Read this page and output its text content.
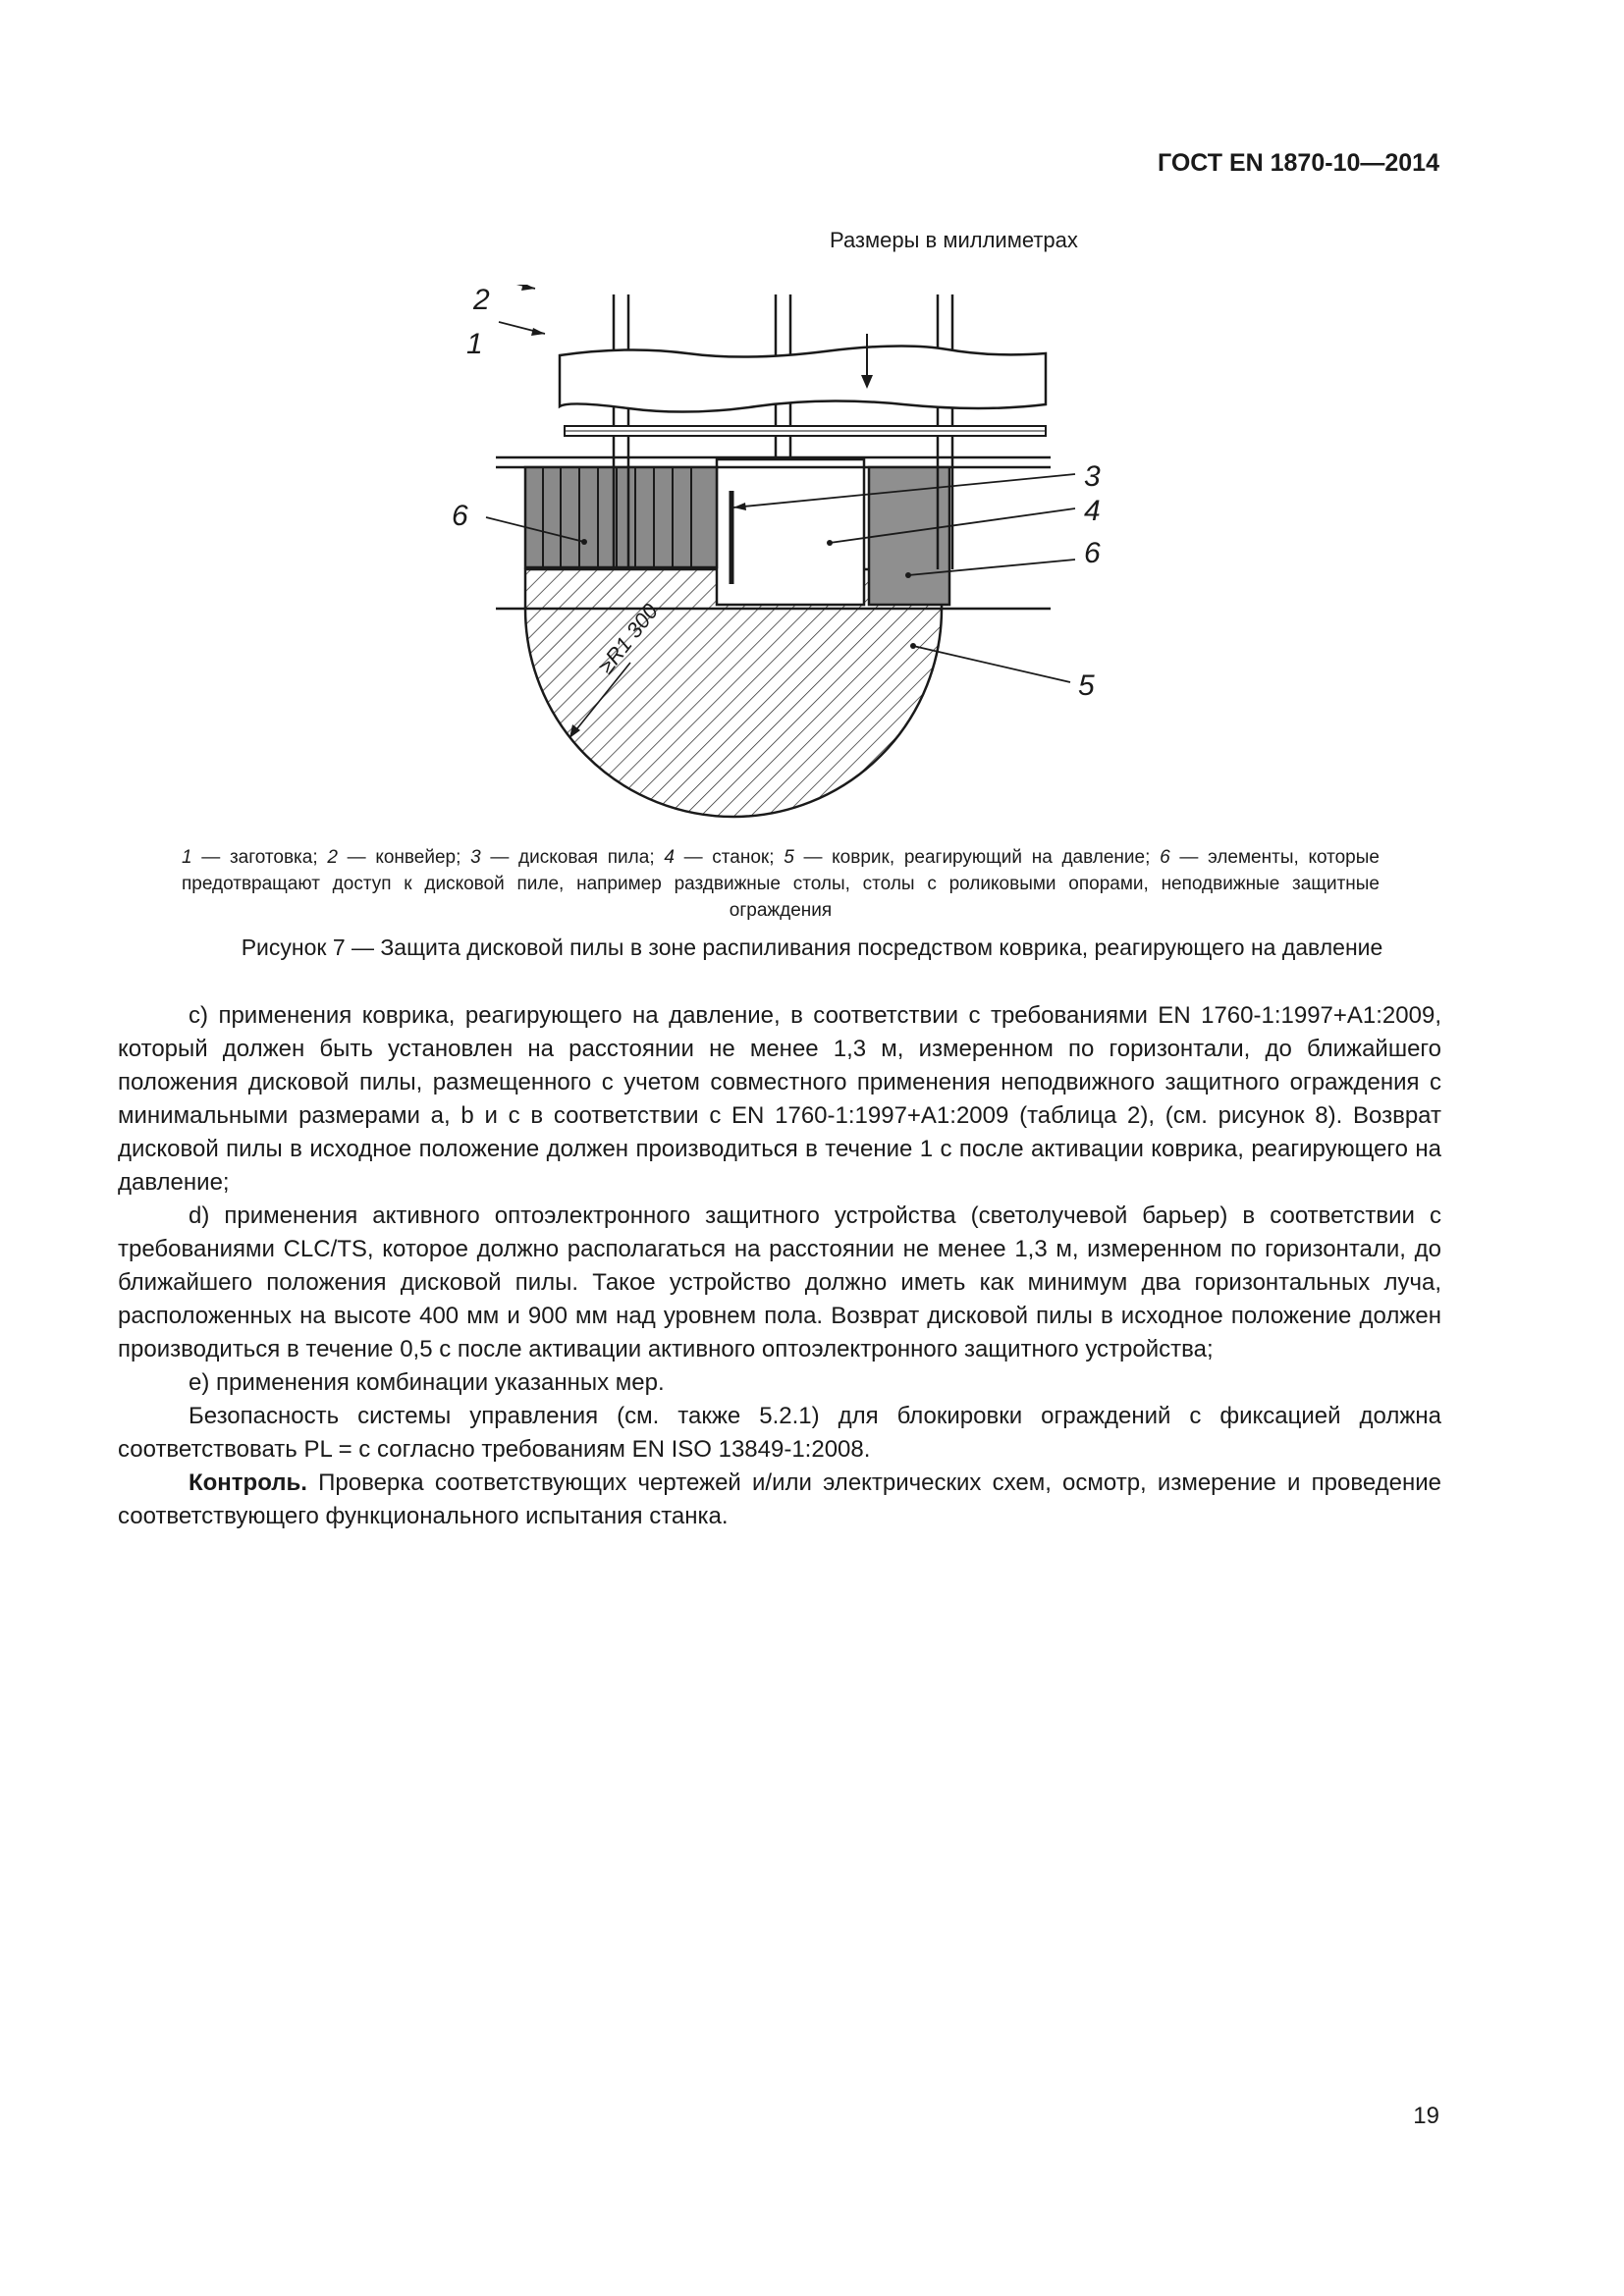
ГОСТ EN 1870-10—2014
Размеры в миллиметрах
≥R1 300
2
1
3
4
6
6
5
1 — заготовка; 2 — конвейер; 3 — дисковая пила; 4 — станок; 5 — коврик, реагирующий на давление; 6 — элементы, которые предотвращают доступ к дисковой пиле, например раздвижные столы, столы с роликовыми опорами, неподвижные защитные ограждения
Рисунок 7 — Защита дисковой пилы в зоне распиливания посредством коврика, реагирующего на давление

с) применения коврика, реагирующего на давление, в соответствии с требованиями EN 1760-1:1997+A1:2009, который должен быть установлен на расстоянии не менее 1,3 м, измеренном по горизонтали, до ближайшего положения дисковой пилы, размещенного с учетом совместного применения неподвижного защитного ограждения с минимальными размерами a, b и c в соответствии с EN 1760-1:1997+A1:2009 (таблица 2), (см. рисунок 8). Возврат дисковой пилы в исходное положение должен производиться в течение 1 с после активации коврика, реагирующего на давление;

d) применения активного оптоэлектронного защитного устройства (светолучевой барьер) в соответствии с требованиями CLC/TS, которое должно располагаться на расстоянии не менее 1,3 м, измеренном по горизонтали, до ближайшего положения дисковой пилы. Такое устройство должно иметь как минимум два горизонтальных луча, расположенных на высоте 400 мм и 900 мм над уровнем пола. Возврат дисковой пилы в исходное положение должен производиться в течение 0,5 с после активации активного оптоэлектронного защитного устройства;

е) применения комбинации указанных мер.

Безопасность системы управления (см. также 5.2.1) для блокировки ограждений с фиксацией должна соответствовать PL = c согласно требованиям EN ISO 13849-1:2008.

Контроль. Проверка соответствующих чертежей и/или электрических схем, осмотр, измерение и проведение соответствующего функционального испытания станка.

19
